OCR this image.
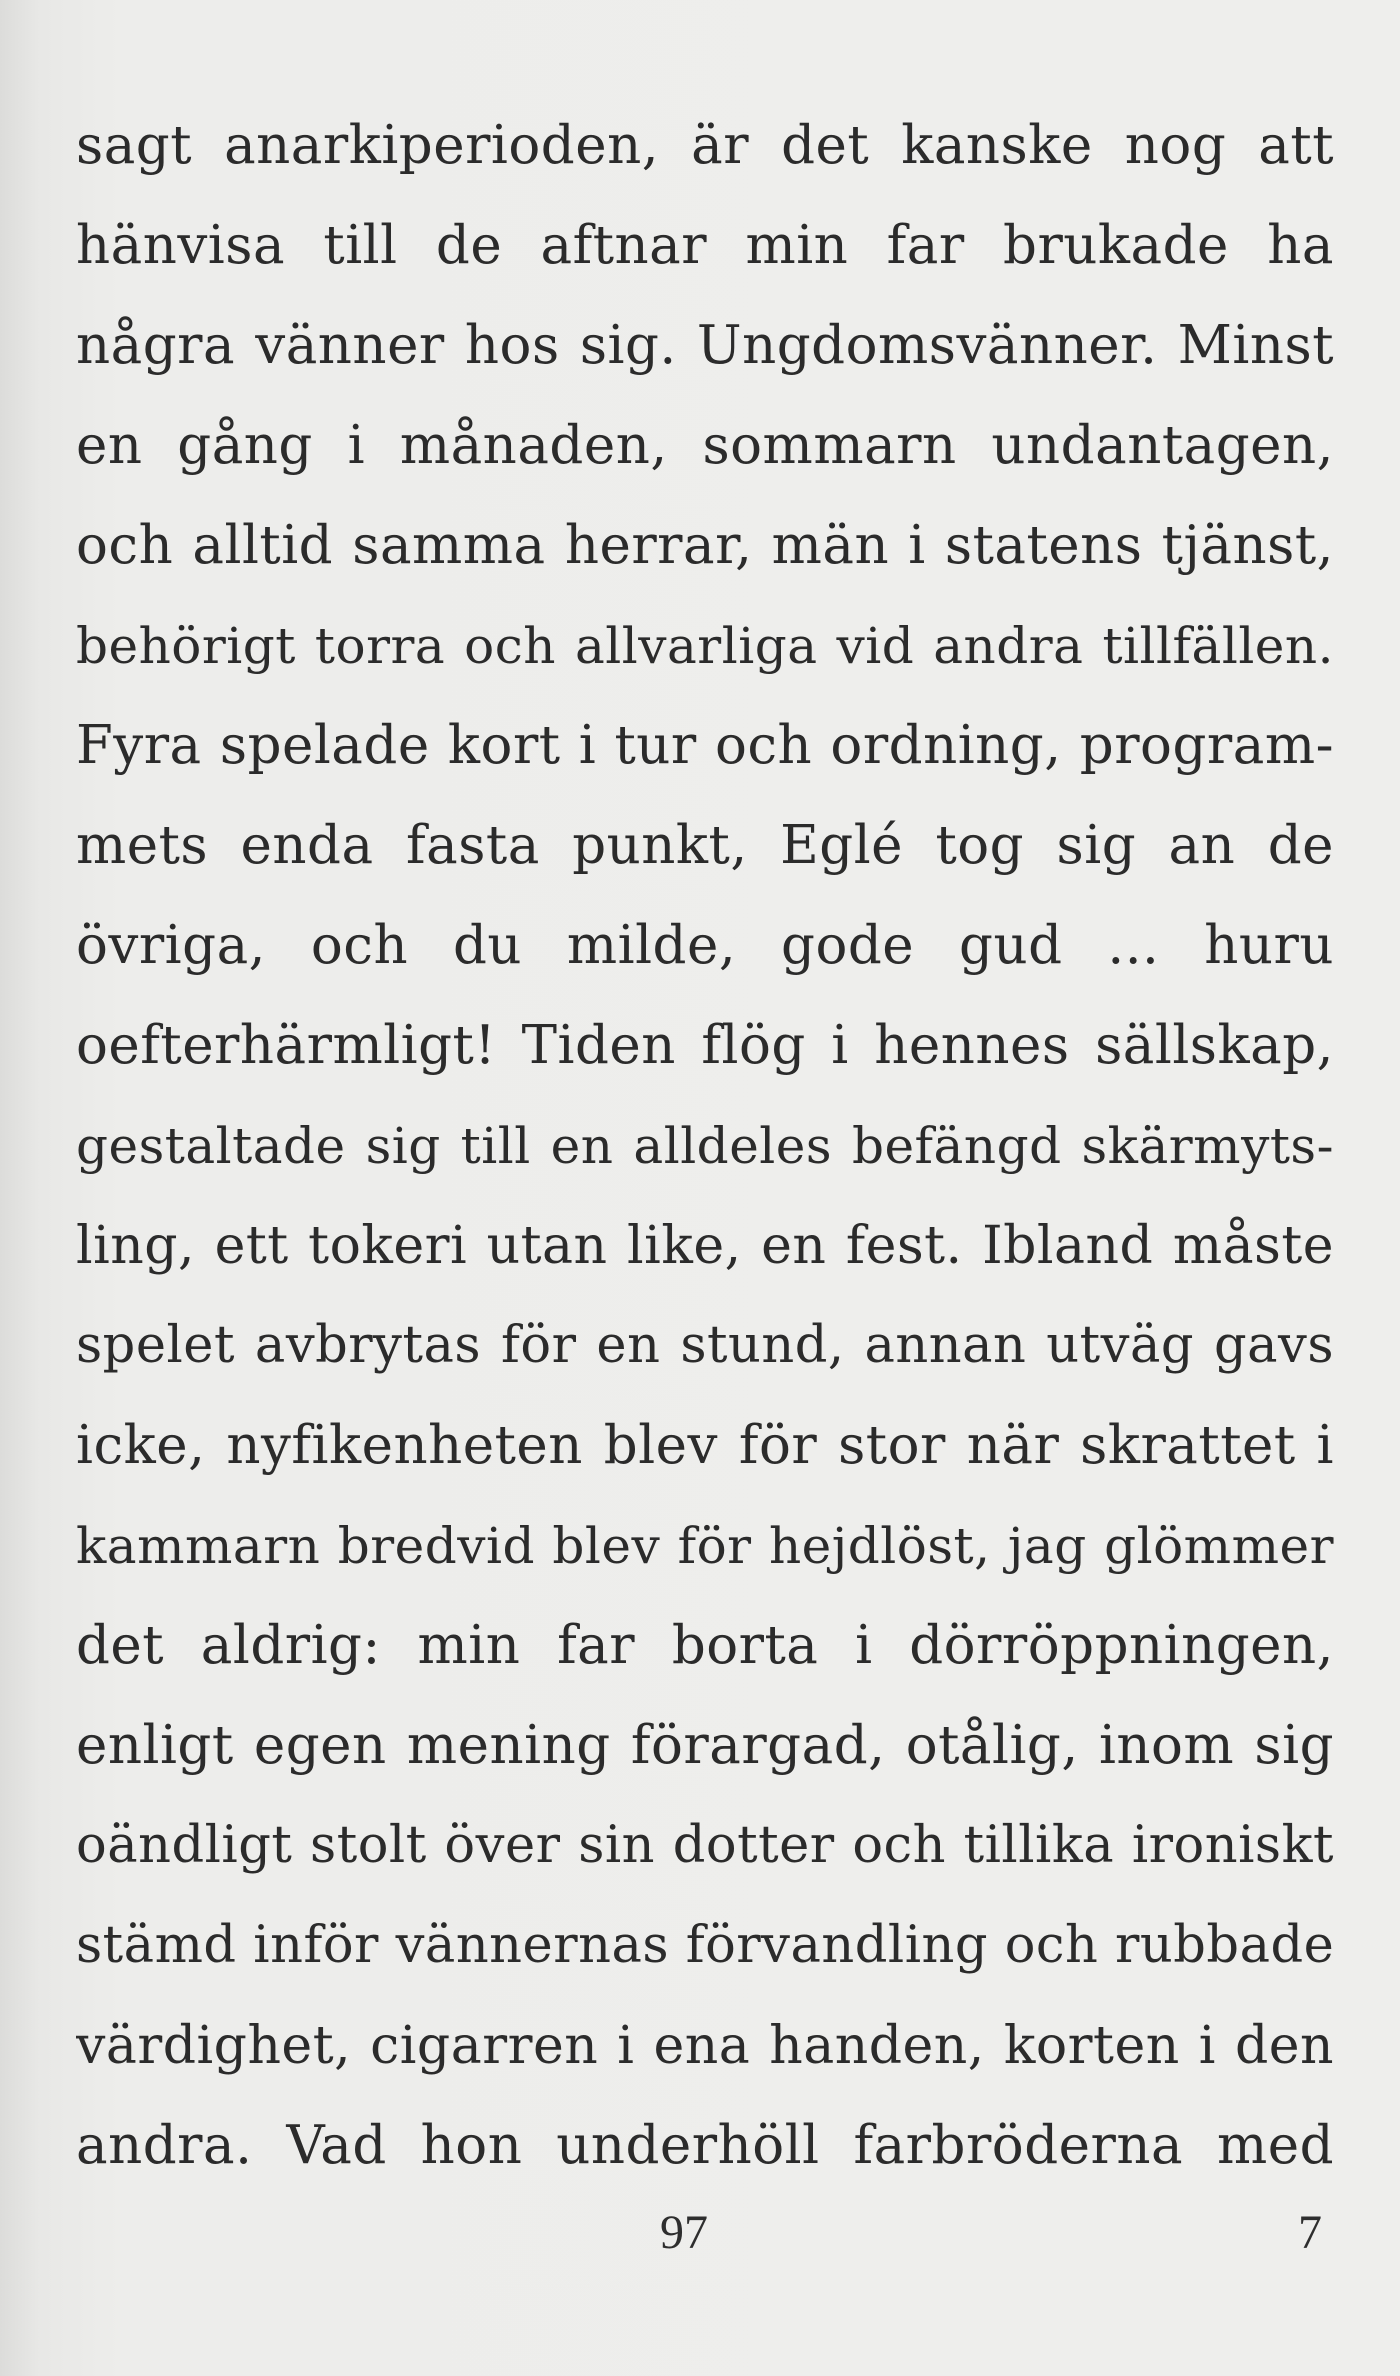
sagt anarkiperioden, är det kanske nog att
hänvisa till de aftnar min far brukade ha
några vänner hos sig. Ungdomsvänner. Minst
en gång i månaden, sommarn undantagen,
och alltid samma herrar, män i statens tjänst,
behörigt torra och allvarliga vid andra tillfällen.
Fyra spelade kort i tur och ordning, program-
mets enda fasta punkt, Eglé tog sig an de
övriga, och du milde, gode gud ... huru
oefterhärmligt! Tiden flög i hennes sällskap,
gestaltade sig till en alldeles befängd skärmyts-
ling, ett tokeri utan like, en fest. Ibland måste
spelet avbrytas för en stund, annan utväg gavs
icke, nyfikenheten blev för stor när skrattet i
kammarn bredvid blev för hejdlöst, jag glömmer
det aldrig: min far borta i dörröppningen,
enligt egen mening förargad, otålig, inom sig
oändligt stolt över sin dotter och tillika ironiskt
stämd inför vännernas förvandling och rubbade
värdighet, cigarren i ena handen, korten i den
andra. Vad hon underhöll farbröderna med
97	7
